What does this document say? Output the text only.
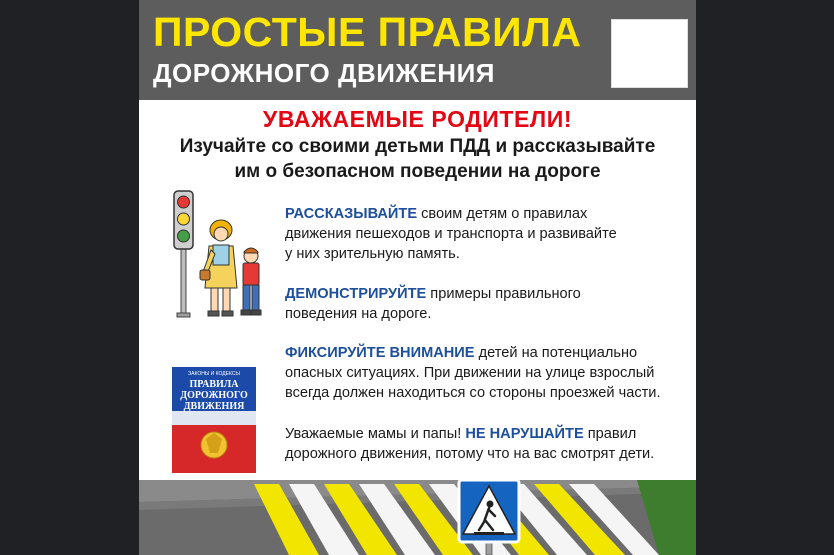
ПРОСТЫЕ ПРАВИЛА
ДОРОЖНОГО ДВИЖЕНИЯ
УВАЖАЕМЫЕ РОДИТЕЛИ!
Изучайте со своими детьми ПДД и рассказывайте
им о безопасном поведении на дороге
ЗАКОНЫ И КОДЕКСЫ
ПРАВИЛА
ДОРОЖНОГО
ДВИЖЕНИЯ
РАССКАЗЫВАЙТЕ своим детям о правилах
движения пешеходов и транспорта и развивайте
у них зрительную память.
ДЕМОНСТРИРУЙТЕ примеры правильного
поведения на дороге.
ФИКСИРУЙТЕ ВНИМАНИЕ детей на потенциально
опасных ситуациях. При движении на улице взрослый
всегда должен находиться со стороны проезжей части.
Уважаемые мамы и папы! НЕ НАРУШАЙТЕ правил
дорожного движения, потому что на вас смотрят дети.
